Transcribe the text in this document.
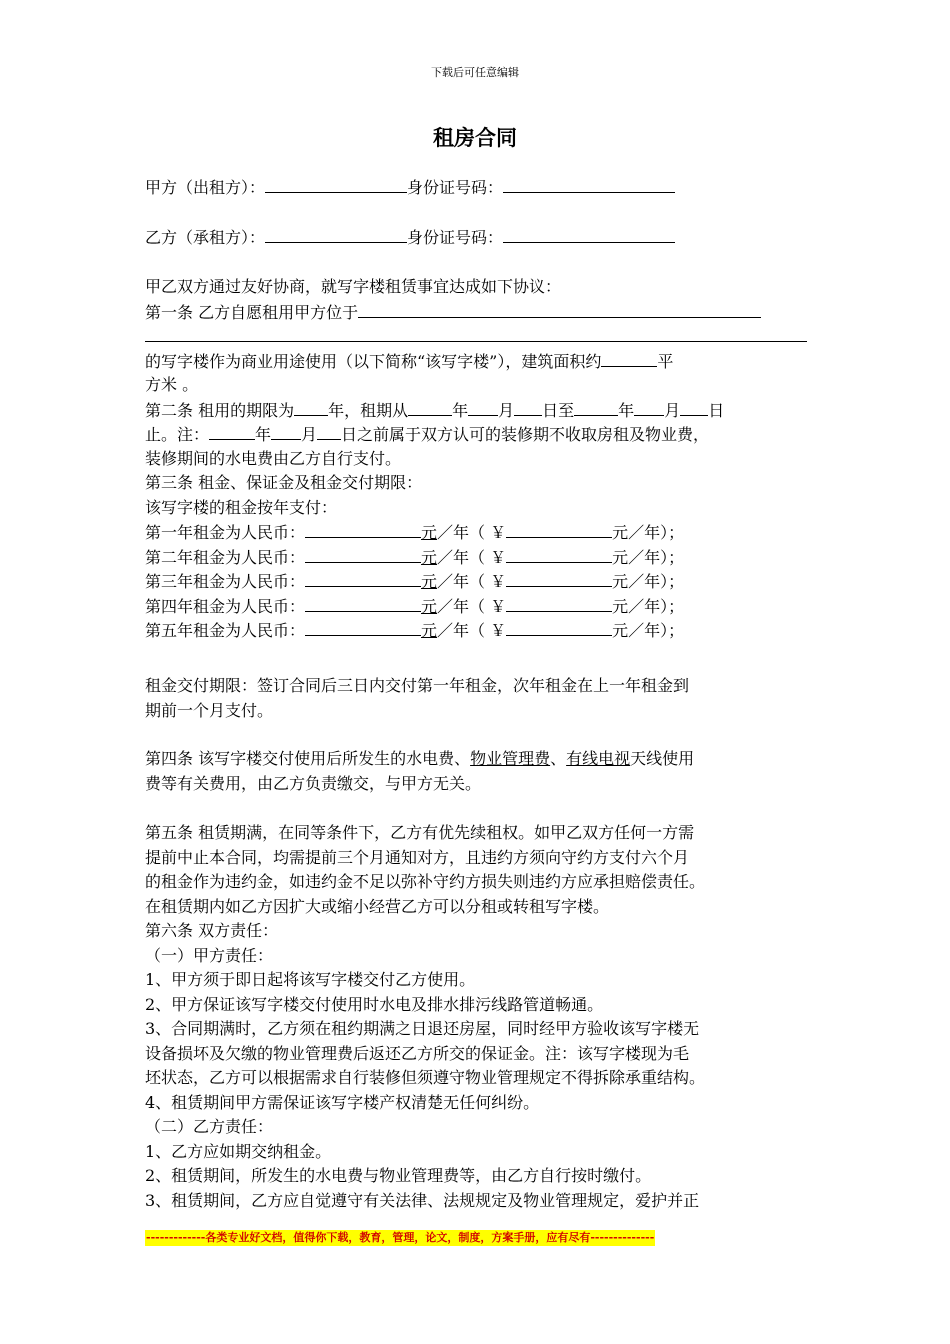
下载后可任意编辑
租房合同
甲方（出租方）：	身份证号码：
乙方（承租方）：	身份证号码：
甲乙双方通过友好协商，就写字楼租赁事宜达成如下协议：
第一条 乙方自愿租用甲方位于
的写字楼作为商业用途使用（以下简称“该写字楼”），建筑面积约	平
方米 。
第二条 租用的期限为 年，租期从	年 月 日至	年 月 日
止。注：	年 月 日之前属于双方认可的装修期不收取房租及物业费，
装修期间的水电费由乙方自行支付。
第三条 租金、保证金及租金交付期限：
该写字楼的租金按年支付：
第一年租金为人民币：	元／年（ ￥	元／年）；
第二年租金为人民币：	元／年（ ￥	元／年）；
第三年租金为人民币：	元／年（ ￥	元／年）；
第四年租金为人民币：	元／年（ ￥	元／年）；
第五年租金为人民币：	元／年（ ￥	元／年）；
租金交付期限：签订合同后三日内交付第一年租金，次年租金在上一年租金到
期前一个月支付。
第四条 该写字楼交付使用后所发生的水电费、物业管理费、有线电视天线使用
费等有关费用，由乙方负责缴交，与甲方无关。
第五条 租赁期满，在同等条件下，乙方有优先续租权。如甲乙双方任何一方需
提前中止本合同，均需提前三个月通知对方，且违约方须向守约方支付六个月
的租金作为违约金，如违约金不足以弥补守约方损失则违约方应承担赔偿责任。
在租赁期内如乙方因扩大或缩小经营乙方可以分租或转租写字楼。
第六条 双方责任：
（一）甲方责任：
1、甲方须于即日起将该写字楼交付乙方使用。
2、甲方保证该写字楼交付使用时水电及排水排污线路管道畅通。
3、合同期满时，乙方须在租约期满之日退还房屋，同时经甲方验收该写字楼无
设备损坏及欠缴的物业管理费后返还乙方所交的保证金。注：该写字楼现为毛
坯状态，乙方可以根据需求自行装修但须遵守物业管理规定不得拆除承重结构。
4、租赁期间甲方需保证该写字楼产权清楚无任何纠纷。
（二）乙方责任：
1、乙方应如期交纳租金。
2、租赁期间，所发生的水电费与物业管理费等，由乙方自行按时缴付。
3、租赁期间，乙方应自觉遵守有关法律、法规规定及物业管理规定，爱护并正
-------------各类专业好文档，值得你下载，教育，管理，论文，制度，方案手册，应有尽有--------------
